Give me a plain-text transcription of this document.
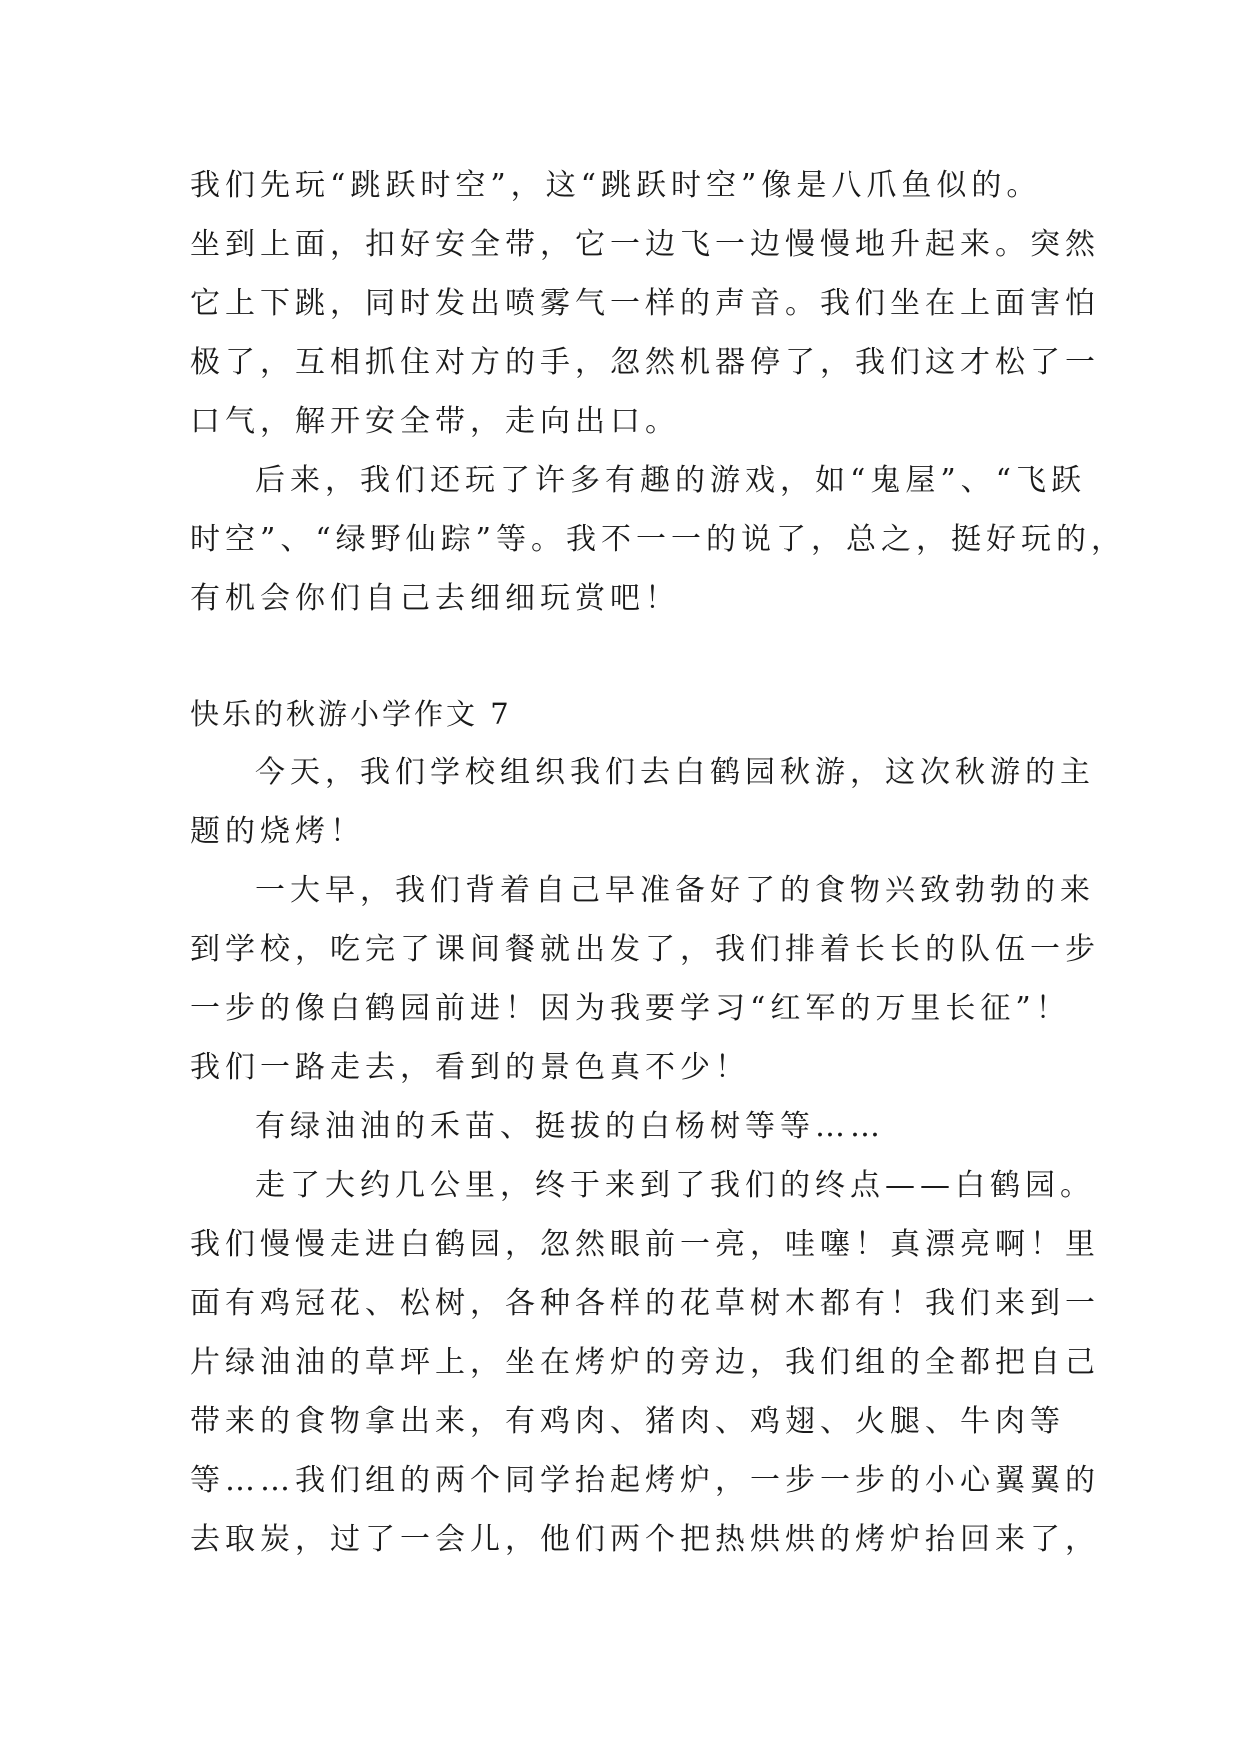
我们先玩“跳跃时空”，这“跳跃时空”像是八爪鱼似的。
坐到上面，扣好安全带，它一边飞一边慢慢地升起来。突然
它上下跳，同时发出喷雾气一样的声音。我们坐在上面害怕
极了，互相抓住对方的手，忽然机器停了，我们这才松了一
口气，解开安全带，走向出口。
后来，我们还玩了许多有趣的游戏，如“鬼屋”、“飞跃
时空”、“绿野仙踪”等。我不一一的说了，总之，挺好玩的，
有机会你们自己去细细玩赏吧！
快乐的秋游小学作文 7
今天，我们学校组织我们去白鹤园秋游，这次秋游的主
题的烧烤！
一大早，我们背着自己早准备好了的食物兴致勃勃的来
到学校，吃完了课间餐就出发了，我们排着长长的队伍一步
一步的像白鹤园前进！因为我要学习“红军的万里长征”！
我们一路走去，看到的景色真不少！
有绿油油的禾苗、挺拔的白杨树等等……
走了大约几公里，终于来到了我们的终点——白鹤园。
我们慢慢走进白鹤园，忽然眼前一亮，哇噻！真漂亮啊！里
面有鸡冠花、松树，各种各样的花草树木都有！我们来到一
片绿油油的草坪上，坐在烤炉的旁边，我们组的全都把自己
带来的食物拿出来，有鸡肉、猪肉、鸡翅、火腿、牛肉等
等……我们组的两个同学抬起烤炉，一步一步的小心翼翼的
去取炭，过了一会儿，他们两个把热烘烘的烤炉抬回来了，
